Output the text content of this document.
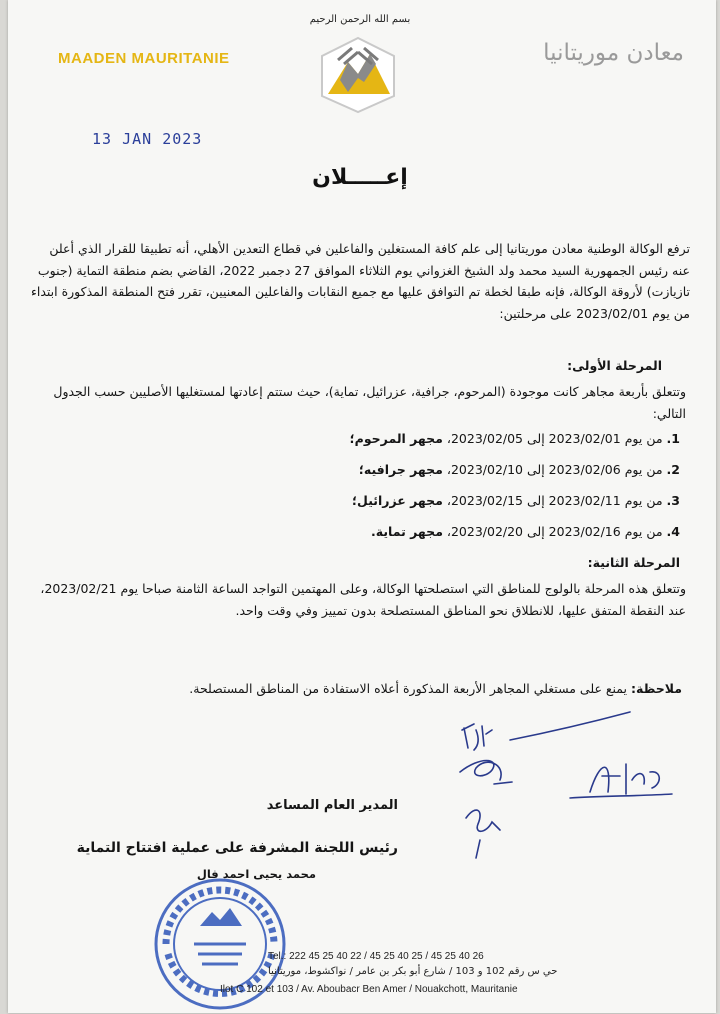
بسم الله الرحمن الرحيم
MAADEN MAURITANIE	معادن موريتانيا
13 JAN 2023
إعـــــلان
ترفع الوكالة الوطنية معادن موريتانيا إلى علم كافة المستغلين والفاعلين في قطاع التعدين الأهلي، أنه تطبيقا للقرار الذي أعلن عنه رئيس الجمهورية السيد محمد ولد الشيخ الغزواني يوم الثلاثاء الموافق 27 دجمبر 2022، القاضي بضم منطقة التماية (جنوب تازيازت) لأروقة الوكالة، فإنه طبقا لخطة تم التوافق عليها مع جميع النقابات والفاعلين المعنيين، تقرر فتح المنطقة المذكورة ابتداء من يوم 2023/02/01 على مرحلتين:
المرحلة الأولى:
وتتعلق بأربعة مجاهر كانت موجودة (المرحوم، جرافية، عزرائيل، تماية)، حيث ستتم إعادتها لمستغليها الأصليين حسب الجدول التالي:
1. من يوم 2023/02/01 إلى 2023/02/05، مجهر المرحوم؛
2. من يوم 2023/02/06 إلى 2023/02/10، مجهر جرافيه؛
3. من يوم 2023/02/11 إلى 2023/02/15، مجهر عزرائيل؛
4. من يوم 2023/02/16 إلى 2023/02/20، مجهر تماية.
المرحلة الثانية:
وتتعلق هذه المرحلة بالولوج للمناطق التي استصلحتها الوكالة، وعلى المهتمين التواجد الساعة الثامنة صباحا يوم 2023/02/21، عند النقطة المتفق عليها، للانطلاق نحو المناطق المستصلحة بدون تمييز وفي وقت واحد.
ملاحظة: يمنع على مستغلي المجاهر الأربعة المذكورة أعلاه الاستفادة من المناطق المستصلحة.
المدير العام المساعد
رئيس اللجنة المشرفة على عملية افتتاح التماية
محمد يحيى احمد فال
Tel.: 222 45 25 40 22 / 45 25 40 25 / 45 25 40 26
حي س رقم 102 و 103 / شارع أبو بكر بن عامر / نواكشوط، موريتانيا
Ilot C 102 et 103 / Av. Aboubacr Ben Amer / Nouakchott, Mauritanie
